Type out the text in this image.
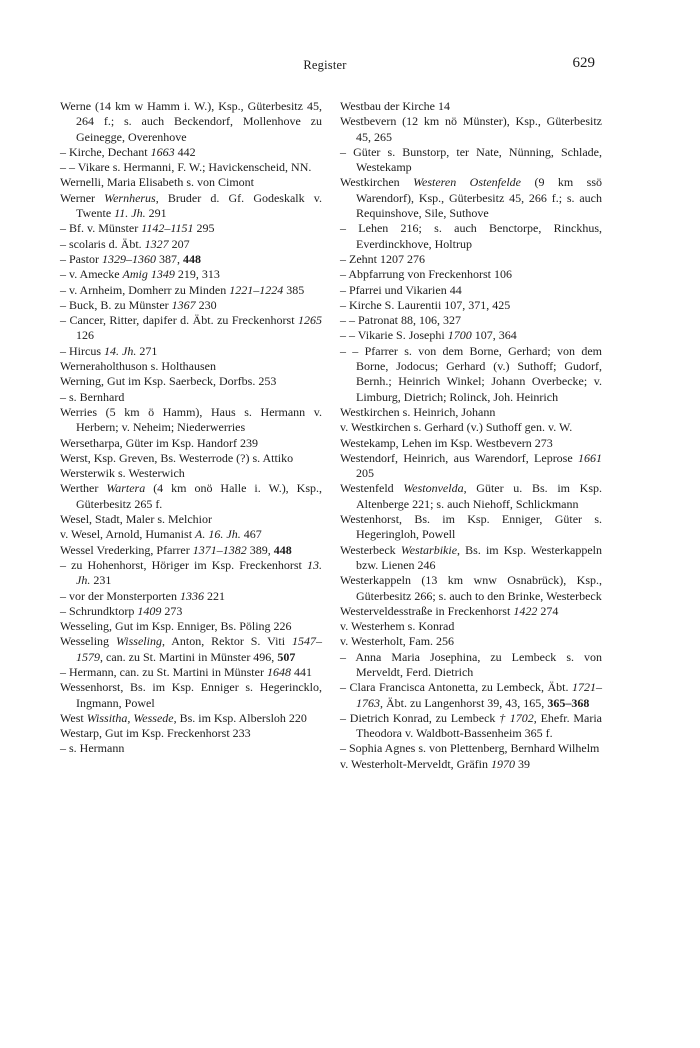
Register	629
Werne (14 km w Hamm i. W.), Ksp., Güterbesitz 45, 264 f.; s. auch Beckendorf, Mollenhove zu Geinegge, Overenhove
– Kirche, Dechant 1663 442
– – Vikare s. Hermanni, F. W.; Havickenscheid, NN.
Wernelli, Maria Elisabeth s. von Cimont
Werner Wernherus, Bruder d. Gf. Godeskalk v. Twente 11. Jh. 291
– Bf. v. Münster 1142–1151 295
– scolaris d. Äbt. 1327 207
– Pastor 1329–1360 387, 448
– v. Amecke Amig 1349 219, 313
– v. Arnheim, Domherr zu Minden 1221–1224 385
– Buck, B. zu Münster 1367 230
– Cancer, Ritter, dapifer d. Äbt. zu Freckenhorst 1265 126
– Hircus 14. Jh. 271
Werneraholthuson s. Holthausen
Werning, Gut im Ksp. Saerbeck, Dorfbs. 253
– s. Bernhard
Werries (5 km ö Hamm), Haus s. Hermann v. Herbern; v. Neheim; Niederwerries
Wersetharpa, Güter im Ksp. Handorf 239
Werst, Ksp. Greven, Bs. Westerrode (?) s. Attiko
Wersterwik s. Westerwich
Werther Wartera (4 km onö Halle i. W.), Ksp., Güterbesitz 265 f.
Wesel, Stadt, Maler s. Melchior
v. Wesel, Arnold, Humanist A. 16. Jh. 467
Wessel Vrederking, Pfarrer 1371–1382 389, 448
– zu Hohenhorst, Höriger im Ksp. Freckenhorst 13. Jh. 231
– vor der Monsterporten 1336 221
– Schrundktorp 1409 273
Wesseling, Gut im Ksp. Enniger, Bs. Pöling 226
Wesseling Wisseling, Anton, Rektor S. Viti 1547–1579, can. zu St. Martini in Münster 496, 507
– Hermann, can. zu St. Martini in Münster 1648 441
Wessenhorst, Bs. im Ksp. Enniger s. Hegerincklo, Ingmann, Powel
West Wissitha, Wessede, Bs. im Ksp. Albersloh 220
Westarp, Gut im Ksp. Freckenhorst 233
– s. Hermann
Westbau der Kirche 14
Westbevern (12 km nö Münster), Ksp., Güterbesitz 45, 265
– Güter s. Bunstorp, ter Nate, Nünning, Schlade, Westekamp
Westkirchen Westeren Ostenfelde (9 km ssö Warendorf), Ksp., Güterbesitz 45, 266 f.; s. auch Requinshove, Sile, Suthove
– Lehen 216; s. auch Benctorpe, Rinckhus, Everdinckhove, Holtrup
– Zehnt 1207 276
– Abpfarrung von Freckenhorst 106
– Pfarrei und Vikarien 44
– Kirche S. Laurentii 107, 371, 425
– – Patronat 88, 106, 327
– – Vikarie S. Josephi 1700 107, 364
– – Pfarrer s. von dem Borne, Gerhard; von dem Borne, Jodocus; Gerhard (v.) Suthoff; Gudorf, Bernh.; Heinrich Winkel; Johann Overbecke; v. Limburg, Dietrich; Rolinck, Joh. Heinrich
Westkirchen s. Heinrich, Johann
v. Westkirchen s. Gerhard (v.) Suthoff gen. v. W.
Westekamp, Lehen im Ksp. Westbevern 273
Westendorf, Heinrich, aus Warendorf, Leprose 1661 205
Westenfeld Westonvelda, Güter u. Bs. im Ksp. Altenberge 221; s. auch Niehoff, Schlickmann
Westenhorst, Bs. im Ksp. Enniger, Güter s. Hegeringloh, Powell
Westerbeck Westarbikie, Bs. im Ksp. Westerkappeln bzw. Lienen 246
Westerkappeln (13 km wnw Osnabrück), Ksp., Güterbesitz 266; s. auch to den Brinke, Westerbeck
Westerveldesstraße in Freckenhorst 1422 274
v. Westerhem s. Konrad
v. Westerholt, Fam. 256
– Anna Maria Josephina, zu Lembeck s. von Merveldt, Ferd. Dietrich
– Clara Francisca Antonetta, zu Lembeck, Äbt. 1721–1763, Äbt. zu Langenhorst 39, 43, 165, 365–368
– Dietrich Konrad, zu Lembeck † 1702, Ehefr. Maria Theodora v. Waldbott-Bassenheim 365 f.
– Sophia Agnes s. von Plettenberg, Bernhard Wilhelm
v. Westerholt-Merveldt, Gräfin 1970 39
